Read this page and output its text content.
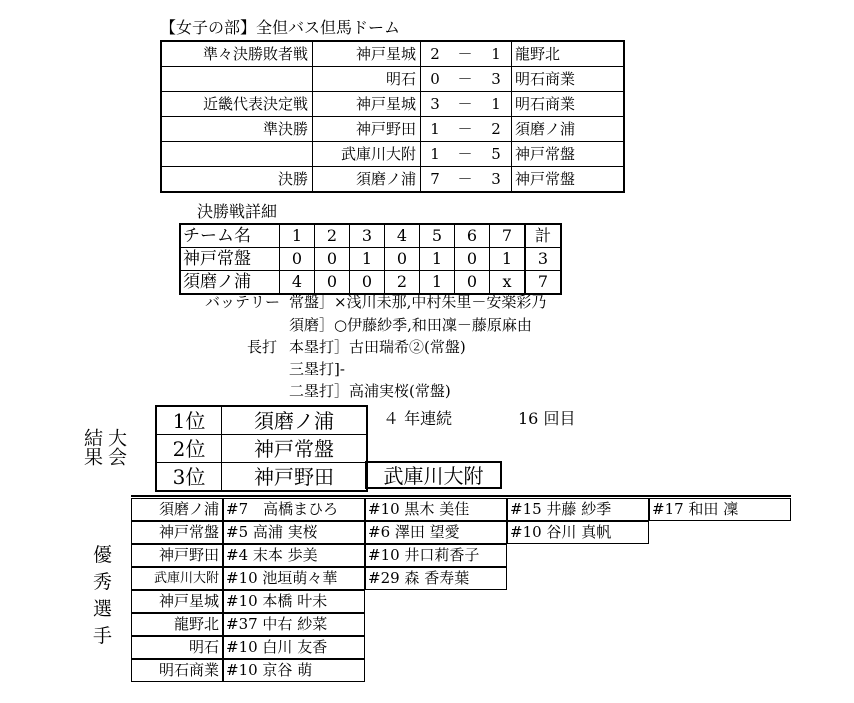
【女子の部】全但バス但馬ドーム
準々決勝敗者戦	神戸星城	2	－	1	龍野北
	明石	0	－	3	明石商業
近畿代表決定戦	神戸星城	3	－	1	明石商業
準決勝	神戸野田	1	－	2	須磨ノ浦
	武庫川大附	1	－	5	神戸常盤
決勝	須磨ノ浦	7	－	3	神戸常盤
決勝戦詳細
チーム名	1	2	3	4	5	6	7	計
神戸常盤	0	0	1	0	1	0	1	3
須磨ノ浦	4	0	0	2	1	0	x	7
バッテリー 常盤］×浅川未那,中村朱里－安楽彩乃
須磨］○伊藤紗季,和田凜－藤原麻由
長打 本塁打］古田瑞希②(常盤)
三塁打]-
二塁打］高浦実桜(常盤)
大会
結果
1位	須磨ノ浦
2位	神戸常盤
3位	神戸野田	武庫川大附
４ 年連続	16 回目
優
秀
選
手
須磨ノ浦 #7　高橋まひろ	#10 黒木 美佳	#15 井藤 紗季	#17 和田 凜
神戸常盤 #5 高浦 実桜	#6 澤田 望愛	#10 谷川 真帆
神戸野田 #4 末本 歩美	#10 井口莉香子
武庫川大附 #10 池垣萌々華	#29 森 香寿葉
神戸星城 #10 本橋 叶未
龍野北 #37 中右 紗菜
明石 #10 白川 友香
明石商業 #10 京谷 萌
